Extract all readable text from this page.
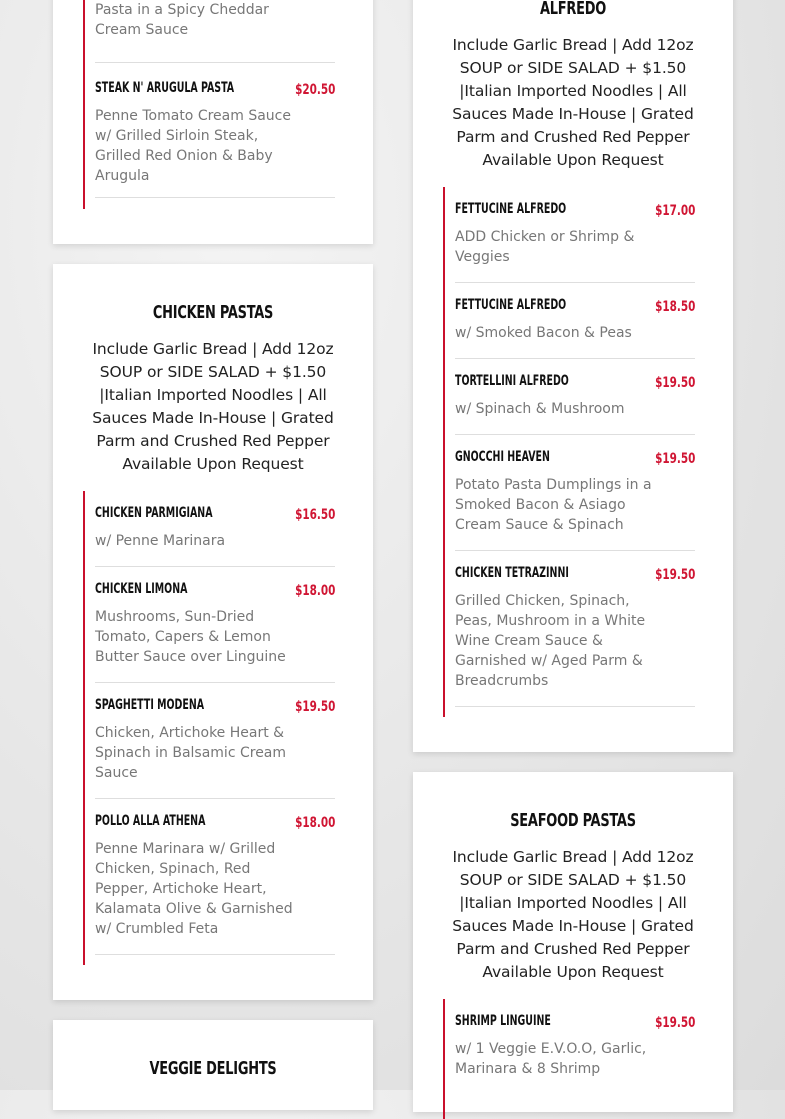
Pasta in a Spicy Cheddar Cream Sauce
STEAK N' ARUGULA PASTA	$20.50
Penne Tomato Cream Sauce w/ Grilled Sirloin Steak, Grilled Red Onion & Baby Arugula
CHICKEN PASTAS
Include Garlic Bread | Add 12oz SOUP or SIDE SALAD + $1.50 |Italian Imported Noodles | All Sauces Made In-House | Grated Parm and Crushed Red Pepper Available Upon Request
CHICKEN PARMIGIANA	$16.50
w/ Penne Marinara
CHICKEN LIMONA	$18.00
Mushrooms, Sun-Dried Tomato, Capers & Lemon Butter Sauce over Linguine
SPAGHETTI MODENA	$19.50
Chicken, Artichoke Heart & Spinach in Balsamic Cream Sauce
POLLO ALLA ATHENA	$18.00
Penne Marinara w/ Grilled Chicken, Spinach, Red Pepper, Artichoke Heart, Kalamata Olive & Garnished w/ Crumbled Feta
VEGGIE DELIGHTS
ALFREDO
Include Garlic Bread | Add 12oz SOUP or SIDE SALAD + $1.50 |Italian Imported Noodles | All Sauces Made In-House | Grated Parm and Crushed Red Pepper Available Upon Request
FETTUCINE ALFREDO	$17.00
ADD Chicken or Shrimp & Veggies
FETTUCINE ALFREDO	$18.50
w/ Smoked Bacon & Peas
TORTELLINI ALFREDO	$19.50
w/ Spinach & Mushroom
GNOCCHI HEAVEN	$19.50
Potato Pasta Dumplings in a Smoked Bacon & Asiago Cream Sauce & Spinach
CHICKEN TETRAZINNI	$19.50
Grilled Chicken, Spinach, Peas, Mushroom in a White Wine Cream Sauce & Garnished w/ Aged Parm & Breadcrumbs
SEAFOOD PASTAS
Include Garlic Bread | Add 12oz SOUP or SIDE SALAD + $1.50 |Italian Imported Noodles | All Sauces Made In-House | Grated Parm and Crushed Red Pepper Available Upon Request
SHRIMP LINGUINE	$19.50
w/ 1 Veggie E.V.O.O, Garlic, Marinara & 8 Shrimp
